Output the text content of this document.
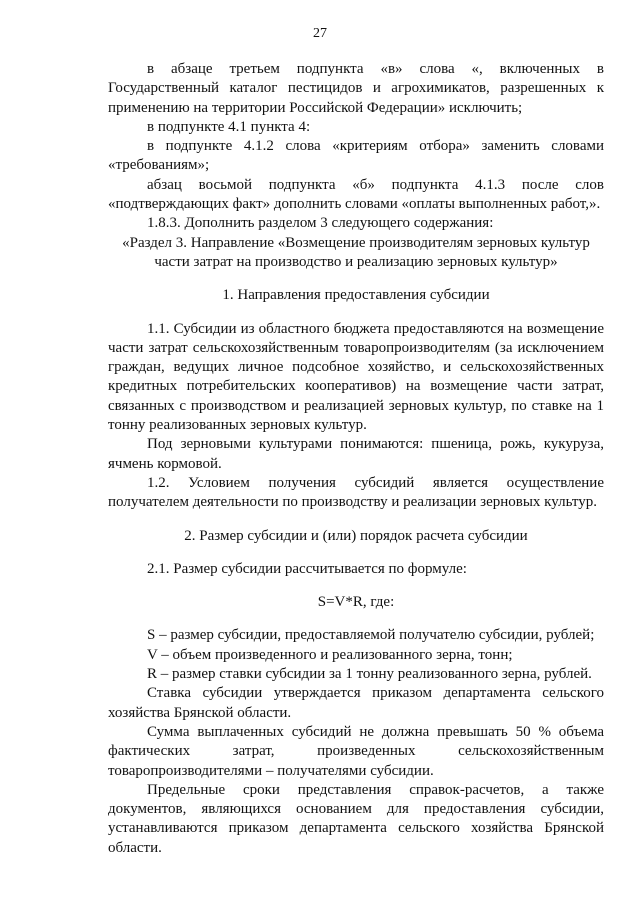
27

в абзаце третьем подпункта «в» слова «, включенных в Государственный каталог пестицидов и агрохимикатов, разрешенных к применению на территории Российской Федерации» исключить;

в подпункте 4.1 пункта 4:

в подпункте 4.1.2 слова «критериям отбора» заменить словами «требованиям»;

абзац восьмой подпункта «б» подпункта 4.1.3 после слов «подтверждающих факт» дополнить словами «оплаты выполненных работ,».

1.8.3. Дополнить разделом 3 следующего содержания:

«Раздел 3. Направление «Возмещение производителям зерновых культур

части затрат на производство и реализацию зерновых культур»

1. Направления предоставления субсидии

1.1. Субсидии из областного бюджета предоставляются на возмещение части затрат сельскохозяйственным товаропроизводителям (за исключением граждан, ведущих личное подсобное хозяйство, и сельскохозяйственных кредитных потребительских кооперативов) на возмещение части затрат, связанных с производством и реализацией зерновых культур, по ставке на 1 тонну реализованных зерновых культур.

Под зерновыми культурами понимаются: пшеница, рожь, кукуруза, ячмень кормовой.

1.2. Условием получения субсидий является осуществление получателем деятельности по производству и реализации зерновых культур.

2. Размер субсидии и (или) порядок расчета субсидии

2.1. Размер субсидии рассчитывается по формуле:

S=V*R, где:

S – размер субсидии, предоставляемой получателю субсидии, рублей;

V – объем произведенного и реализованного зерна, тонн;

R – размер ставки субсидии за 1 тонну реализованного зерна, рублей.

Ставка субсидии утверждается приказом департамента сельского хозяйства Брянской области.

Сумма выплаченных субсидий не должна превышать 50 % объема фактических затрат, произведенных сельскохозяйственным товаропроизводителями – получателями субсидии.

Предельные сроки представления справок-расчетов, а также документов, являющихся основанием для предоставления субсидии, устанавливаются приказом департамента сельского хозяйства Брянской области.
